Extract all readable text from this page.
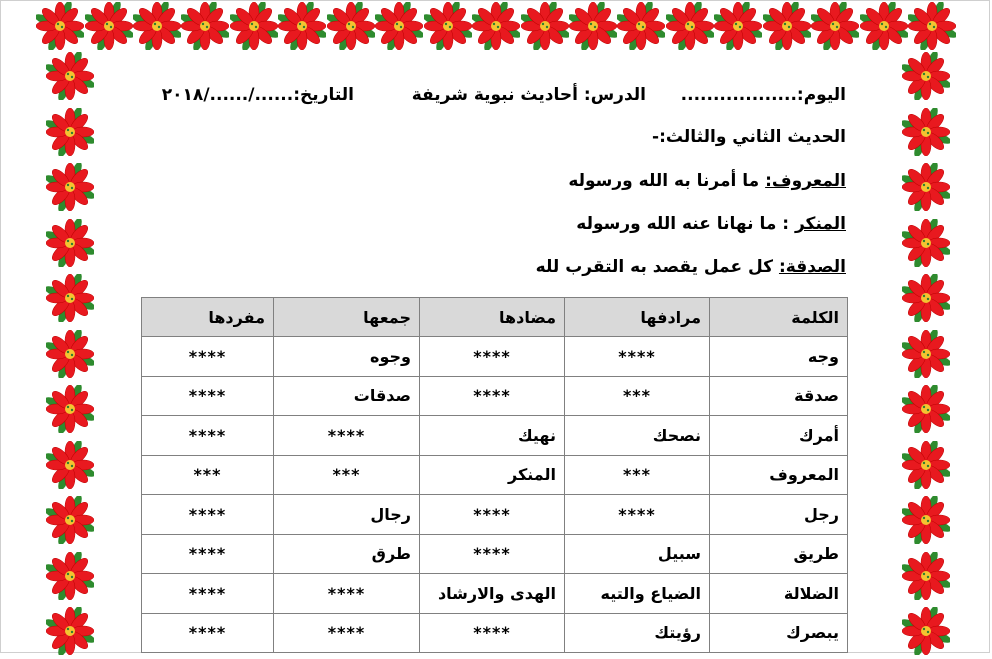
اليوم:..................
الدرس: أحاديث نبوية شريفة
التاريخ:....../....../٢٠١٨
الحديث الثاني والثالث:-
المعروف: ما أمرنا به الله ورسوله
المنكر : ما نهانا عنه الله ورسوله
الصدقة: كل عمل يقصد به التقرب لله
الكلمة	مرادفها	مضادها	جمعها	مفردها
وجه	****	****	وجوه	****
صدقة	***	****	صدقات	****
أمرك	نصحك	نهيك	****	****
المعروف	***	المنكر	***	***
رجل	****	****	رجال	****
طريق	سبيل	****	طرق	****
الضلالة	الضياع والتيه	الهدى والارشاد	****	****
يبصرك	رؤيتك	****	****	****
